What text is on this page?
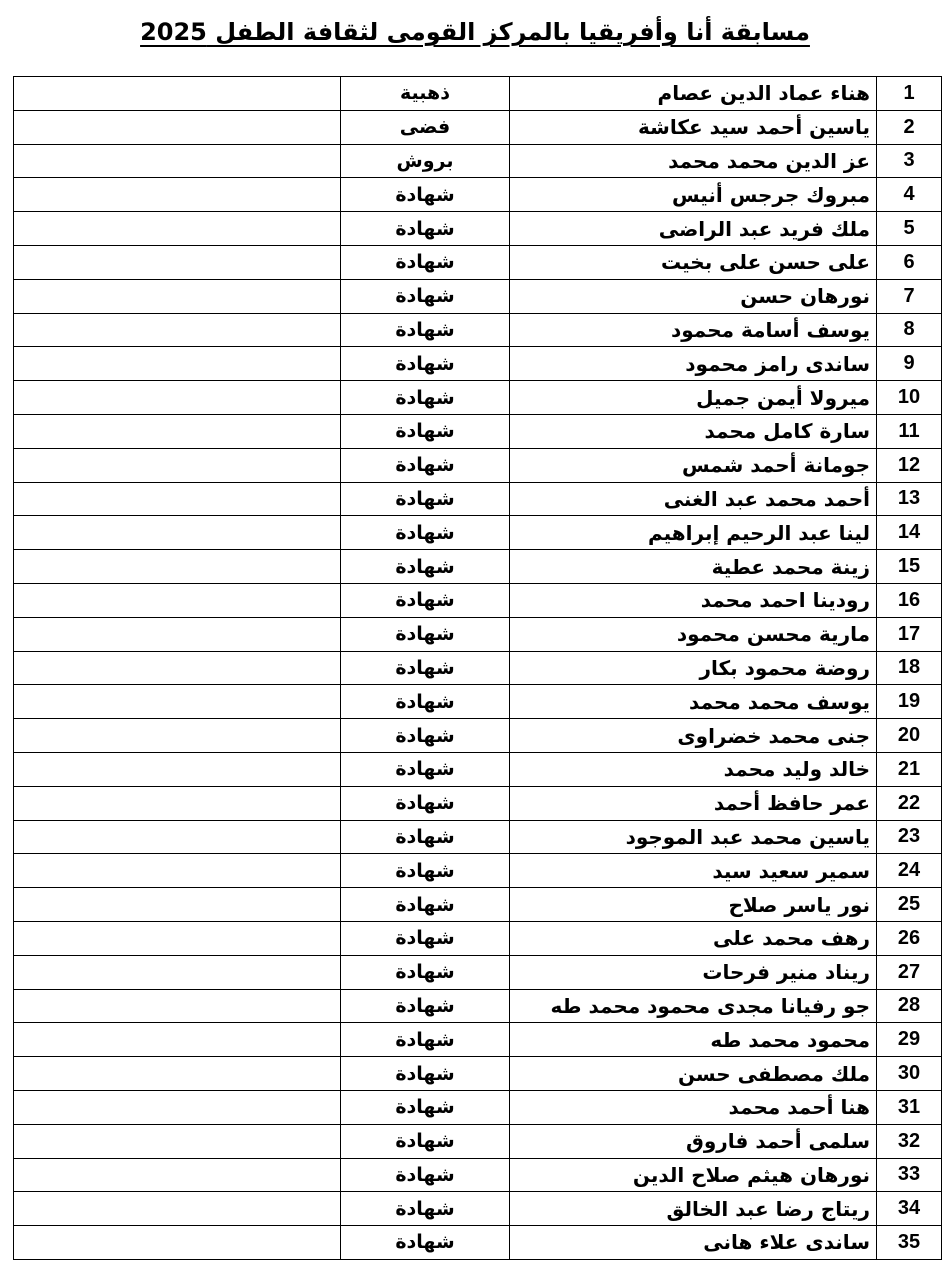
مسابقة أنا وأفريقيا بالمركز القومى لثقافة الطفل 2025
1	هناء عماد الدين عصام	ذهبية	
2	ياسين أحمد سيد عكاشة	فضى	
3	عز الدين محمد محمد	بروش	
4	مبروك جرجس أنيس	شهادة	
5	ملك فريد عبد الراضى	شهادة	
6	على حسن على بخيت	شهادة	
7	نورهان حسن	شهادة	
8	يوسف أسامة محمود	شهادة	
9	ساندى رامز محمود	شهادة	
10	ميرولا أيمن جميل	شهادة	
11	سارة كامل محمد	شهادة	
12	جومانة أحمد شمس	شهادة	
13	أحمد محمد عبد الغنى	شهادة	
14	لينا عبد الرحيم إبراهيم	شهادة	
15	زينة محمد عطية	شهادة	
16	رودينا احمد محمد	شهادة	
17	مارية محسن محمود	شهادة	
18	روضة محمود بكار	شهادة	
19	يوسف محمد محمد	شهادة	
20	جنى محمد خضراوى	شهادة	
21	خالد وليد محمد	شهادة	
22	عمر حافظ أحمد	شهادة	
23	ياسين محمد عبد الموجود	شهادة	
24	سمير سعيد سيد	شهادة	
25	نور ياسر صلاح	شهادة	
26	رهف محمد على	شهادة	
27	ريناد منير فرحات	شهادة	
28	جو رفيانا مجدى محمود محمد طه	شهادة	
29	محمود محمد طه	شهادة	
30	ملك مصطفى حسن	شهادة	
31	هنا أحمد محمد	شهادة	
32	سلمى أحمد فاروق	شهادة	
33	نورهان هيثم صلاح الدين	شهادة	
34	ريتاج رضا عبد الخالق	شهادة	
35	ساندى علاء هانى	شهادة	
